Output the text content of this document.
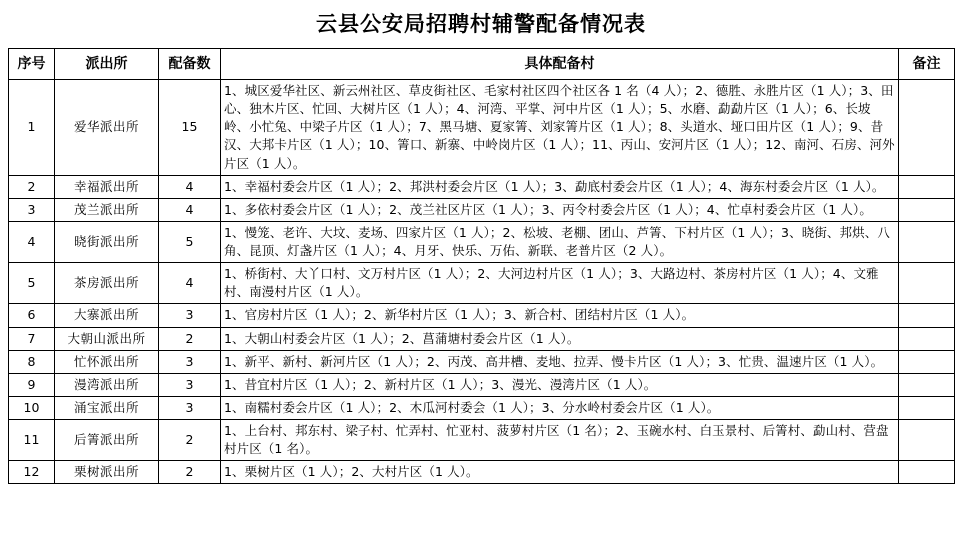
云县公安局招聘村辅警配备情况表
序号	派出所	配备数	具体配备村	备注
1	爱华派出所	15	1、城区爱华社区、新云州社区、草皮街社区、毛家村社区四个社区各 1 名（4 人）；2、德胜、永胜片区（1 人）；3、田心、独木片区、忙回、大树片区（1 人）；4、河湾、平掌、河中片区（1 人）；5、水磨、勐勐片区（1 人）；6、长坡岭、小忙兔、中梁子片区（1 人）；7、黑马塘、夏家箐、刘家箐片区（1 人）；8、头道水、垭口田片区（1 人）；9、昔汉、大邦卡片区（1 人）；10、箐口、新寨、中岭岗片区（1 人）；11、丙山、安河片区（1 人）；12、南河、石房、河外片区（1 人）。	

2	幸福派出所	4	1、幸福村委会片区（1 人）；2、邦洪村委会片区（1 人）；3、勐底村委会片区（1 人）；4、海东村委会片区（1 人）。	

3	茂兰派出所	4	1、多依村委会片区（1 人）；2、茂兰社区片区（1 人）；3、丙令村委会片区（1 人）；4、忙卓村委会片区（1 人）。	

4	晓街派出所	5	1、慢笼、老许、大坟、麦场、四家片区（1 人）；2、松坡、老棚、团山、芦箐、下村片区（1 人）；3、晓街、邦烘、八角、昆顶、灯盏片区（1 人）；4、月牙、快乐、万佑、新联、老普片区（2 人）。	

5	茶房派出所	4	1、桥街村、大丫口村、文万村片区（1 人）；2、大河边村片区（1 人）；3、大路边村、茶房村片区（1 人）；4、文雅村、南漫村片区（1 人）。	

6	大寨派出所	3	1、官房村片区（1 人）；2、新华村片区（1 人）；3、新合村、团结村片区（1 人）。	

7	大朝山派出所	2	1、大朝山村委会片区（1 人）；2、菖蒲塘村委会片区（1 人）。	

8	忙怀派出所	3	1、新平、新村、新河片区（1 人）；2、丙茂、高井槽、麦地、拉弄、慢卡片区（1 人）；3、忙贵、温速片区（1 人）。	

9	漫湾派出所	3	1、昔宜村片区（1 人）；2、新村片区（1 人）；3、漫光、漫湾片区（1 人）。	

10	涌宝派出所	3	1、南糯村委会片区（1 人）；2、木瓜河村委会（1 人）；3、分水岭村委会片区（1 人）。	

11	后箐派出所	2	1、上台村、邦东村、梁子村、忙弄村、忙亚村、菠萝村片区（1 名）；2、玉碗水村、白玉景村、后箐村、勐山村、营盘村片区（1 名）。	

12	栗树派出所	2	1、栗树片区（1 人）；2、大村片区（1 人）。	
